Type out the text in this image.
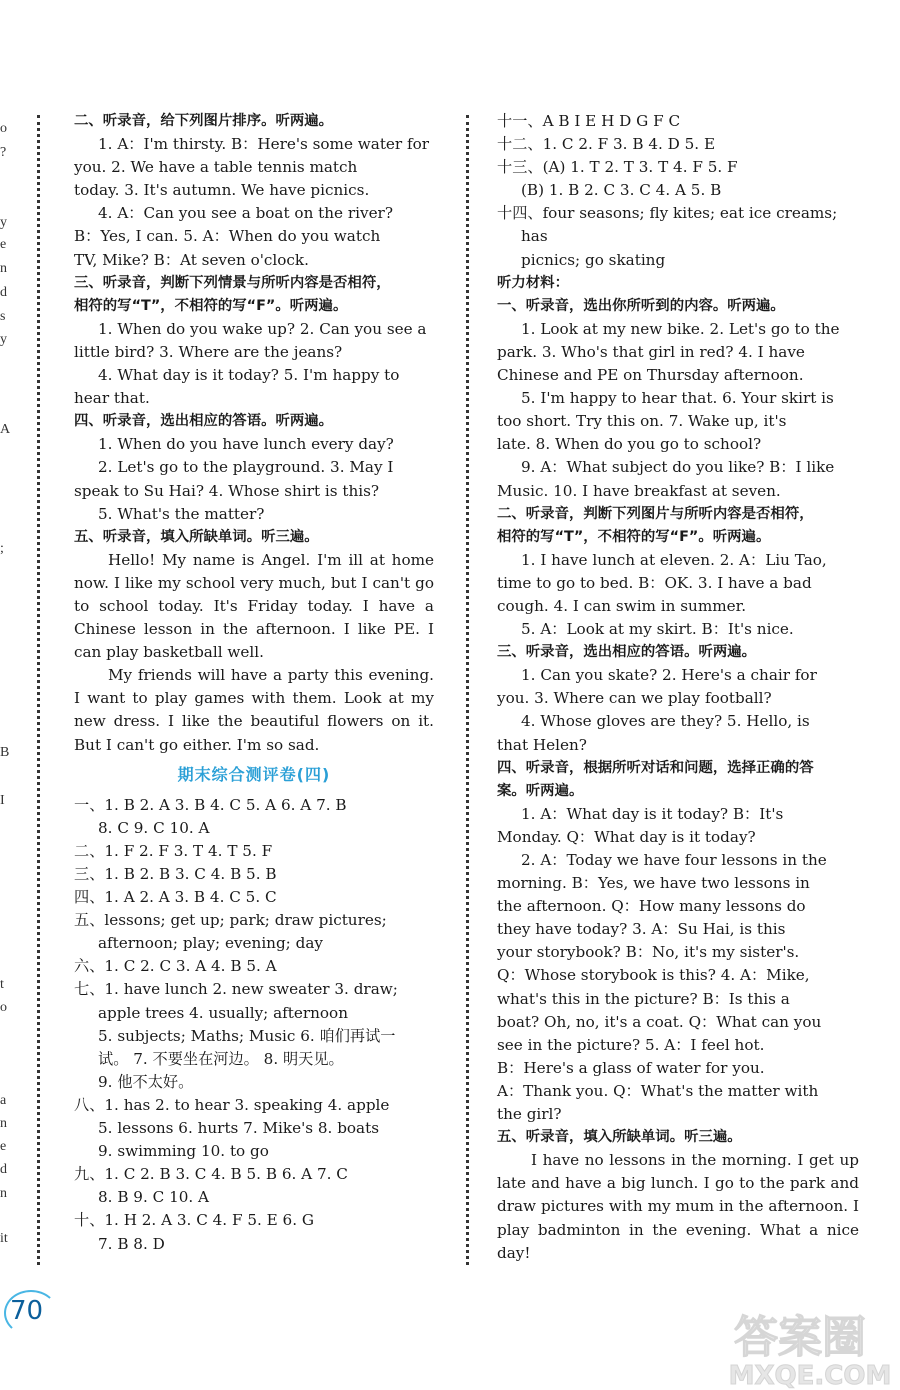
o
?
y
e
n
d
s
y
A
;
B
I
t
o
a
n
e
d
n
it
二、听录音，给下列图片排序。听两遍。
1. A：I'm thirsty. B：Here's some water for
you. 2. We have a table tennis match
today. 3. It's autumn. We have picnics.
4. A：Can you see a boat on the river?
B：Yes, I can. 5. A：When do you watch
TV, Mike? B：At seven o'clock.
三、听录音，判断下列情景与所听内容是否相符，
相符的写“T”，不相符的写“F”。听两遍。
1. When do you wake up? 2. Can you see a
little bird? 3. Where are the jeans?
4. What day is it today? 5. I'm happy to
hear that.
四、听录音，选出相应的答语。听两遍。
1. When do you have lunch every day?
2. Let's go to the playground. 3. May I
speak to Su Hai? 4. Whose shirt is this?
5. What's the matter?
五、听录音，填入所缺单词。听三遍。
Hello! My name is Angel. I'm ill at home now. I like my school very much, but I can't go to school today. It's Friday today. I have a Chinese lesson in the afternoon. I like PE. I can play basketball well.
My friends will have a party this evening. I want to play games with them. Look at my new dress. I like the beautiful flowers on it. But I can't go either. I'm so sad.
期末综合测评卷(四)
一、1. B 2. A 3. B 4. C 5. A 6. A 7. B
8. C 9. C 10. A
二、1. F 2. F 3. T 4. T 5. F
三、1. B 2. B 3. C 4. B 5. B
四、1. A 2. A 3. B 4. C 5. C
五、lessons; get up; park; draw pictures;
afternoon; play; evening; day
六、1. C 2. C 3. A 4. B 5. A
七、1. have lunch 2. new sweater 3. draw;
apple trees 4. usually; afternoon
5. subjects; Maths; Music 6. 咱们再试一
试。 7. 不要坐在河边。 8. 明天见。
9. 他不太好。
八、1. has 2. to hear 3. speaking 4. apple
5. lessons 6. hurts 7. Mike's 8. boats
9. swimming 10. to go
九、1. C 2. B 3. C 4. B 5. B 6. A 7. C
8. B 9. C 10. A
十、1. H 2. A 3. C 4. F 5. E 6. G
7. B 8. D
十一、A B I E H D G F C
十二、1. C 2. F 3. B 4. D 5. E
十三、(A) 1. T 2. T 3. T 4. F 5. F
(B) 1. B 2. C 3. C 4. A 5. B
十四、four seasons; fly kites; eat ice creams; has
picnics; go skating
听力材料：
一、听录音，选出你所听到的内容。听两遍。
1. Look at my new bike. 2. Let's go to the
park. 3. Who's that girl in red? 4. I have
Chinese and PE on Thursday afternoon.
5. I'm happy to hear that. 6. Your skirt is
too short. Try this on. 7. Wake up, it's
late. 8. When do you go to school?
9. A：What subject do you like? B：I like
Music. 10. I have breakfast at seven.
二、听录音，判断下列图片与所听内容是否相符，
相符的写“T”，不相符的写“F”。听两遍。
1. I have lunch at eleven. 2. A：Liu Tao,
time to go to bed. B：OK. 3. I have a bad
cough. 4. I can swim in summer.
5. A：Look at my skirt. B：It's nice.
三、听录音，选出相应的答语。听两遍。
1. Can you skate? 2. Here's a chair for
you. 3. Where can we play football?
4. Whose gloves are they? 5. Hello, is
that Helen?
四、听录音，根据所听对话和问题，选择正确的答
案。听两遍。
1. A：What day is it today? B：It's
Monday. Q：What day is it today?
2. A：Today we have four lessons in the
morning. B：Yes, we have two lessons in
the afternoon. Q：How many lessons do
they have today? 3. A：Su Hai, is this
your storybook? B：No, it's my sister's.
Q：Whose storybook is this? 4. A：Mike,
what's this in the picture? B：Is this a
boat? Oh, no, it's a coat. Q：What can you
see in the picture? 5. A：I feel hot.
B：Here's a glass of water for you.
A：Thank you. Q：What's the matter with
the girl?
五、听录音，填入所缺单词。听三遍。
I have no lessons in the morning. I get up late and have a big lunch. I go to the park and draw pictures with my mum in the afternoon. I play badminton in the evening. What a nice day!
70
答案圈
MXQE.COM
